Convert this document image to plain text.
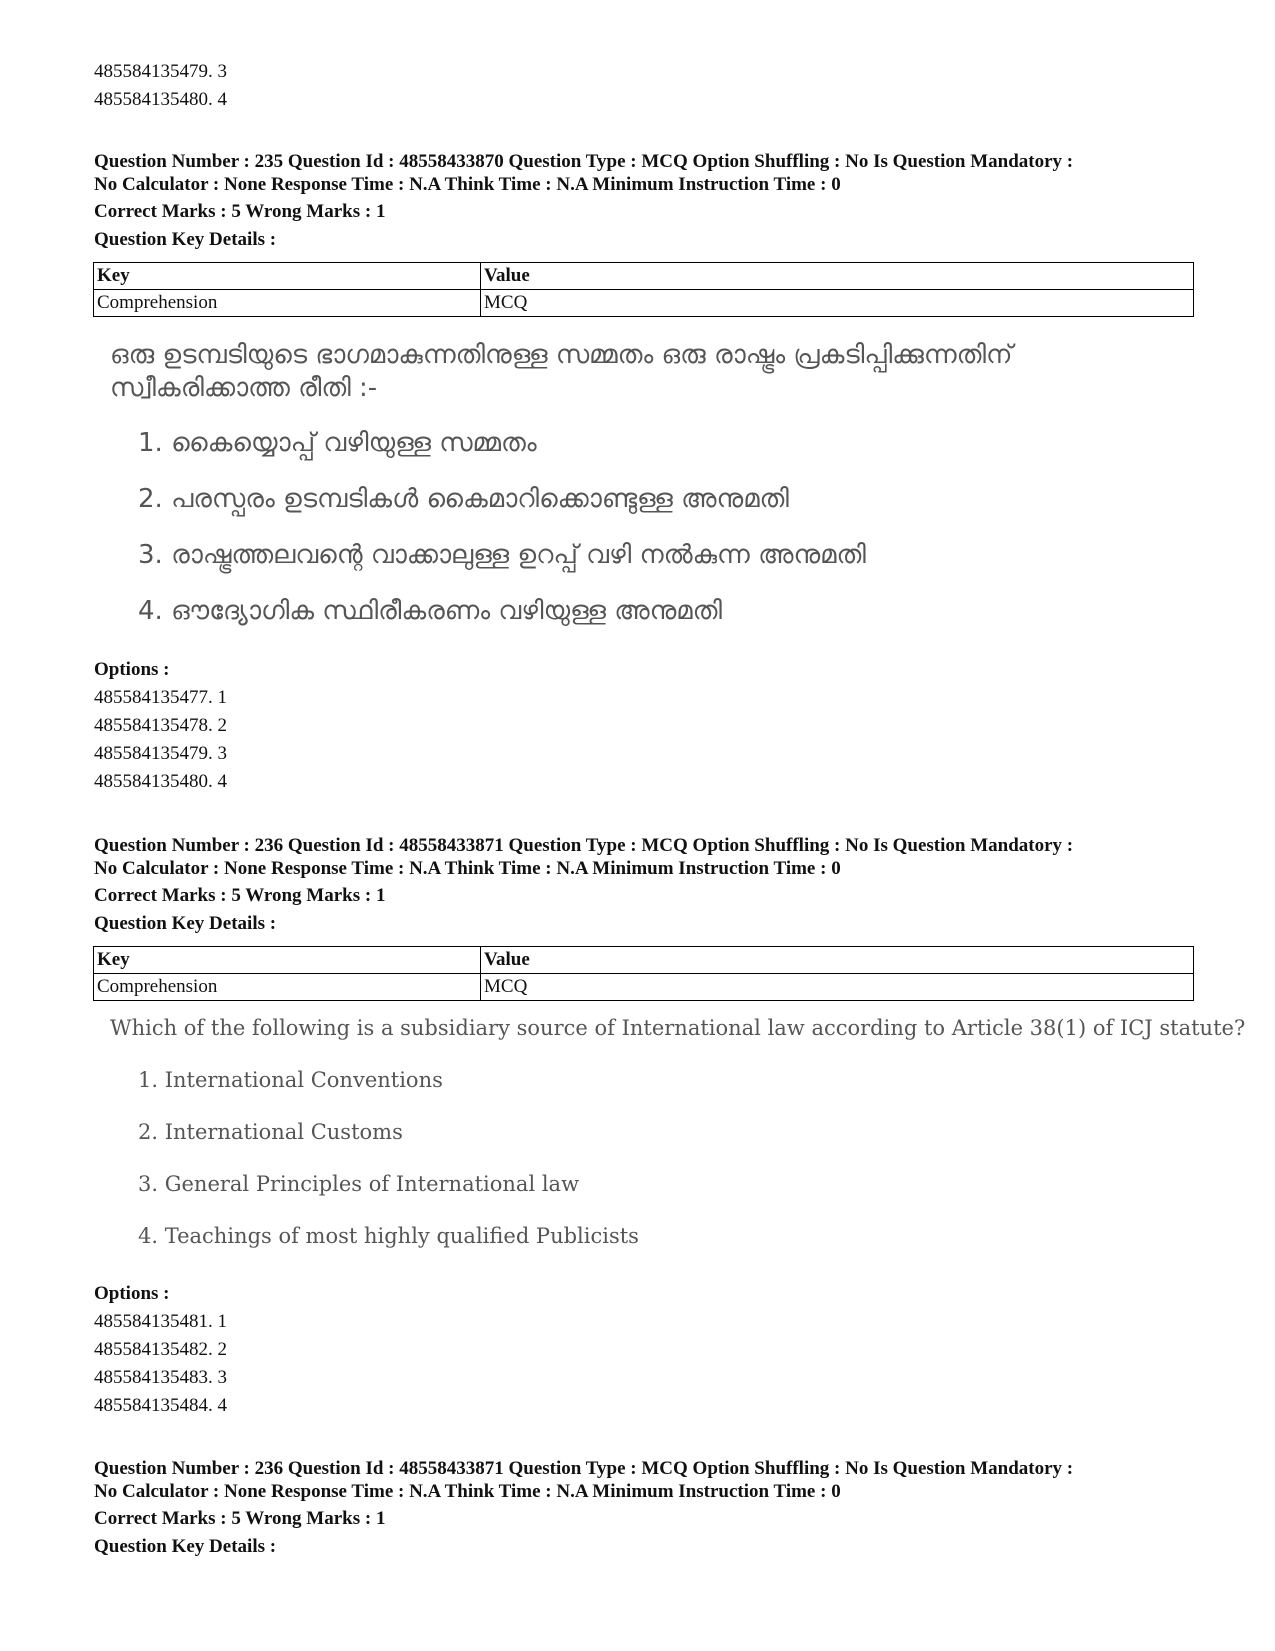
485584135479. 3
485584135480. 4
Question Number : 235 Question Id : 48558433870 Question Type : MCQ Option Shuffling : No Is Question Mandatory :
No Calculator : None Response Time : N.A Think Time : N.A Minimum Instruction Time : 0
Correct Marks : 5 Wrong Marks : 1
Question Key Details :
Key	Value
Comprehension	MCQ
ഒരു ഉടമ്പടിയുടെ ഭാഗമാകുന്നതിനുള്ള സമ്മതം ഒരു രാഷ്ട്രം പ്രകടിപ്പിക്കുന്നതിന്
സ്വീകരിക്കാത്ത രീതി :-
1. കൈയ്യൊപ്പ് വഴിയുള്ള സമ്മതം
2. പരസ്പരം ഉടമ്പടികൾ കൈമാറിക്കൊണ്ടുള്ള അനുമതി
3. രാഷ്ട്രത്തലവന്റെ വാക്കാലുള്ള ഉറപ്പ് വഴി നൽകുന്ന അനുമതി
4. ഔദ്യോഗിക സ്ഥിരീകരണം വഴിയുള്ള അനുമതി
Options :
485584135477. 1
485584135478. 2
485584135479. 3
485584135480. 4
Question Number : 236 Question Id : 48558433871 Question Type : MCQ Option Shuffling : No Is Question Mandatory :
No Calculator : None Response Time : N.A Think Time : N.A Minimum Instruction Time : 0
Correct Marks : 5 Wrong Marks : 1
Question Key Details :
Key	Value
Comprehension	MCQ
Which of the following is a subsidiary source of International law according to Article 38(1) of ICJ statute?
1. International Conventions
2. International Customs
3. General Principles of International law
4. Teachings of most highly qualified Publicists
Options :
485584135481. 1
485584135482. 2
485584135483. 3
485584135484. 4
Question Number : 236 Question Id : 48558433871 Question Type : MCQ Option Shuffling : No Is Question Mandatory :
No Calculator : None Response Time : N.A Think Time : N.A Minimum Instruction Time : 0
Correct Marks : 5 Wrong Marks : 1
Question Key Details :
